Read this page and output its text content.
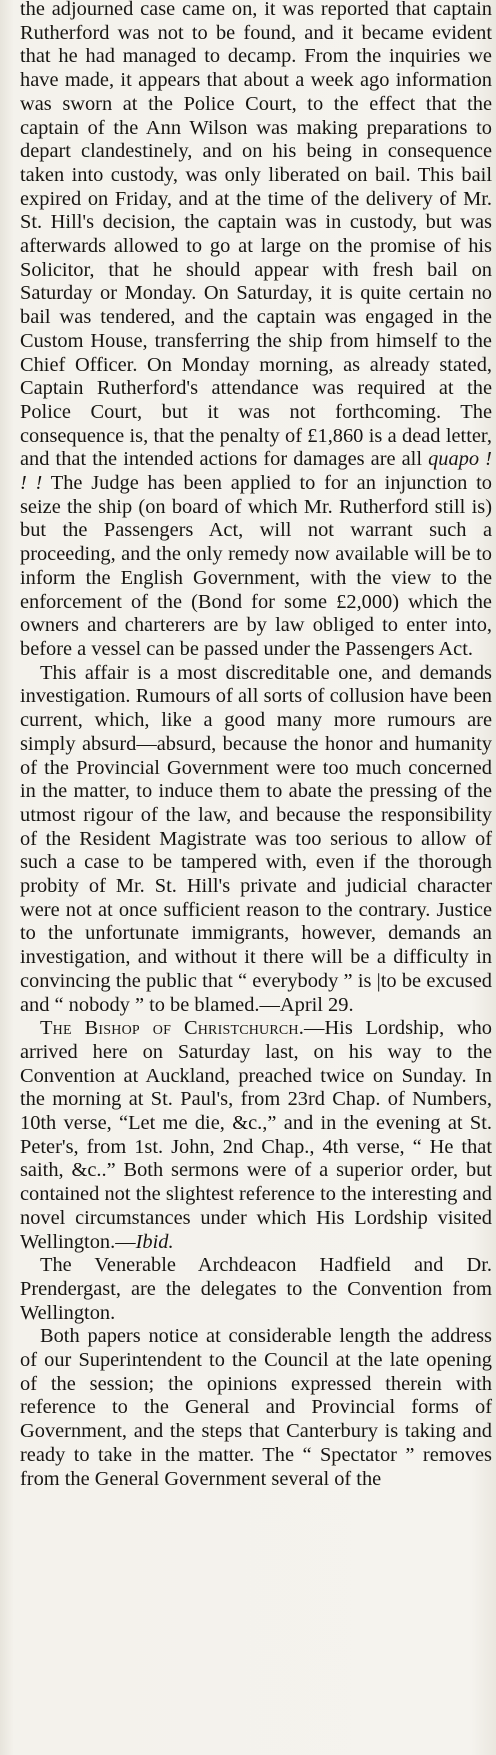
the adjourned case came on, it was reported that captain Rutherford was not to be found, and it became evident that he had managed to decamp. From the inquiries we have made, it appears that about a week ago information was sworn at the Police Court, to the effect that the captain of the Ann Wilson was making preparations to depart clandestinely, and on his being in consequence taken into custody, was only liberated on bail. This bail expired on Friday, and at the time of the delivery of Mr. St. Hill's decision, the captain was in custody, but was afterwards allowed to go at large on the promise of his Solicitor, that he should appear with fresh bail on Saturday or Monday. On Saturday, it is quite certain no bail was tendered, and the captain was engaged in the Custom House, transferring the ship from himself to the Chief Officer. On Monday morning, as already stated, Captain Rutherford's attendance was required at the Police Court, but it was not forthcoming. The consequence is, that the penalty of £1,860 is a dead letter, and that the intended actions for damages are all quapo ! ! ! The Judge has been applied to for an injunction to seize the ship (on board of which Mr. Rutherford still is) but the Passengers Act, will not warrant such a proceeding, and the only remedy now available will be to inform the English Government, with the view to the enforcement of the (Bond for some £2,000) which the owners and charterers are by law obliged to enter into, before a vessel can be passed under the Passengers Act.

This affair is a most discreditable one, and demands investigation. Rumours of all sorts of collusion have been current, which, like a good many more rumours are simply absurd—absurd, because the honor and humanity of the Provincial Government were too much concerned in the matter, to induce them to abate the pressing of the utmost rigour of the law, and because the responsibility of the Resident Magistrate was too serious to allow of such a case to be tampered with, even if the thorough probity of Mr. St. Hill's private and judicial character were not at once sufficient reason to the contrary. Justice to the unfortunate immigrants, however, demands an investigation, and without it there will be a difficulty in convincing the public that “ everybody ” is |to be excused and “ nobody ” to be blamed.—April 29.

The Bishop of Christchurch.—His Lordship, who arrived here on Saturday last, on his way to the Convention at Auckland, preached twice on Sunday. In the morning at St. Paul's, from 23rd Chap. of Numbers, 10th verse, “Let me die, &c.,” and in the evening at St. Peter's, from 1st. John, 2nd Chap., 4th verse, “ He that saith, &c..” Both sermons were of a superior order, but contained not the slightest reference to the interesting and novel circumstances under which His Lordship visited Wellington.—Ibid.

The Venerable Archdeacon Hadfield and Dr. Prendergast, are the delegates to the Convention from Wellington.

Both papers notice at considerable length the address of our Superintendent to the Council at the late opening of the session; the opinions expressed therein with reference to the General and Provincial forms of Government, and the steps that Canterbury is taking and ready to take in the matter. The “ Spectator ” removes from the General Government several of the
